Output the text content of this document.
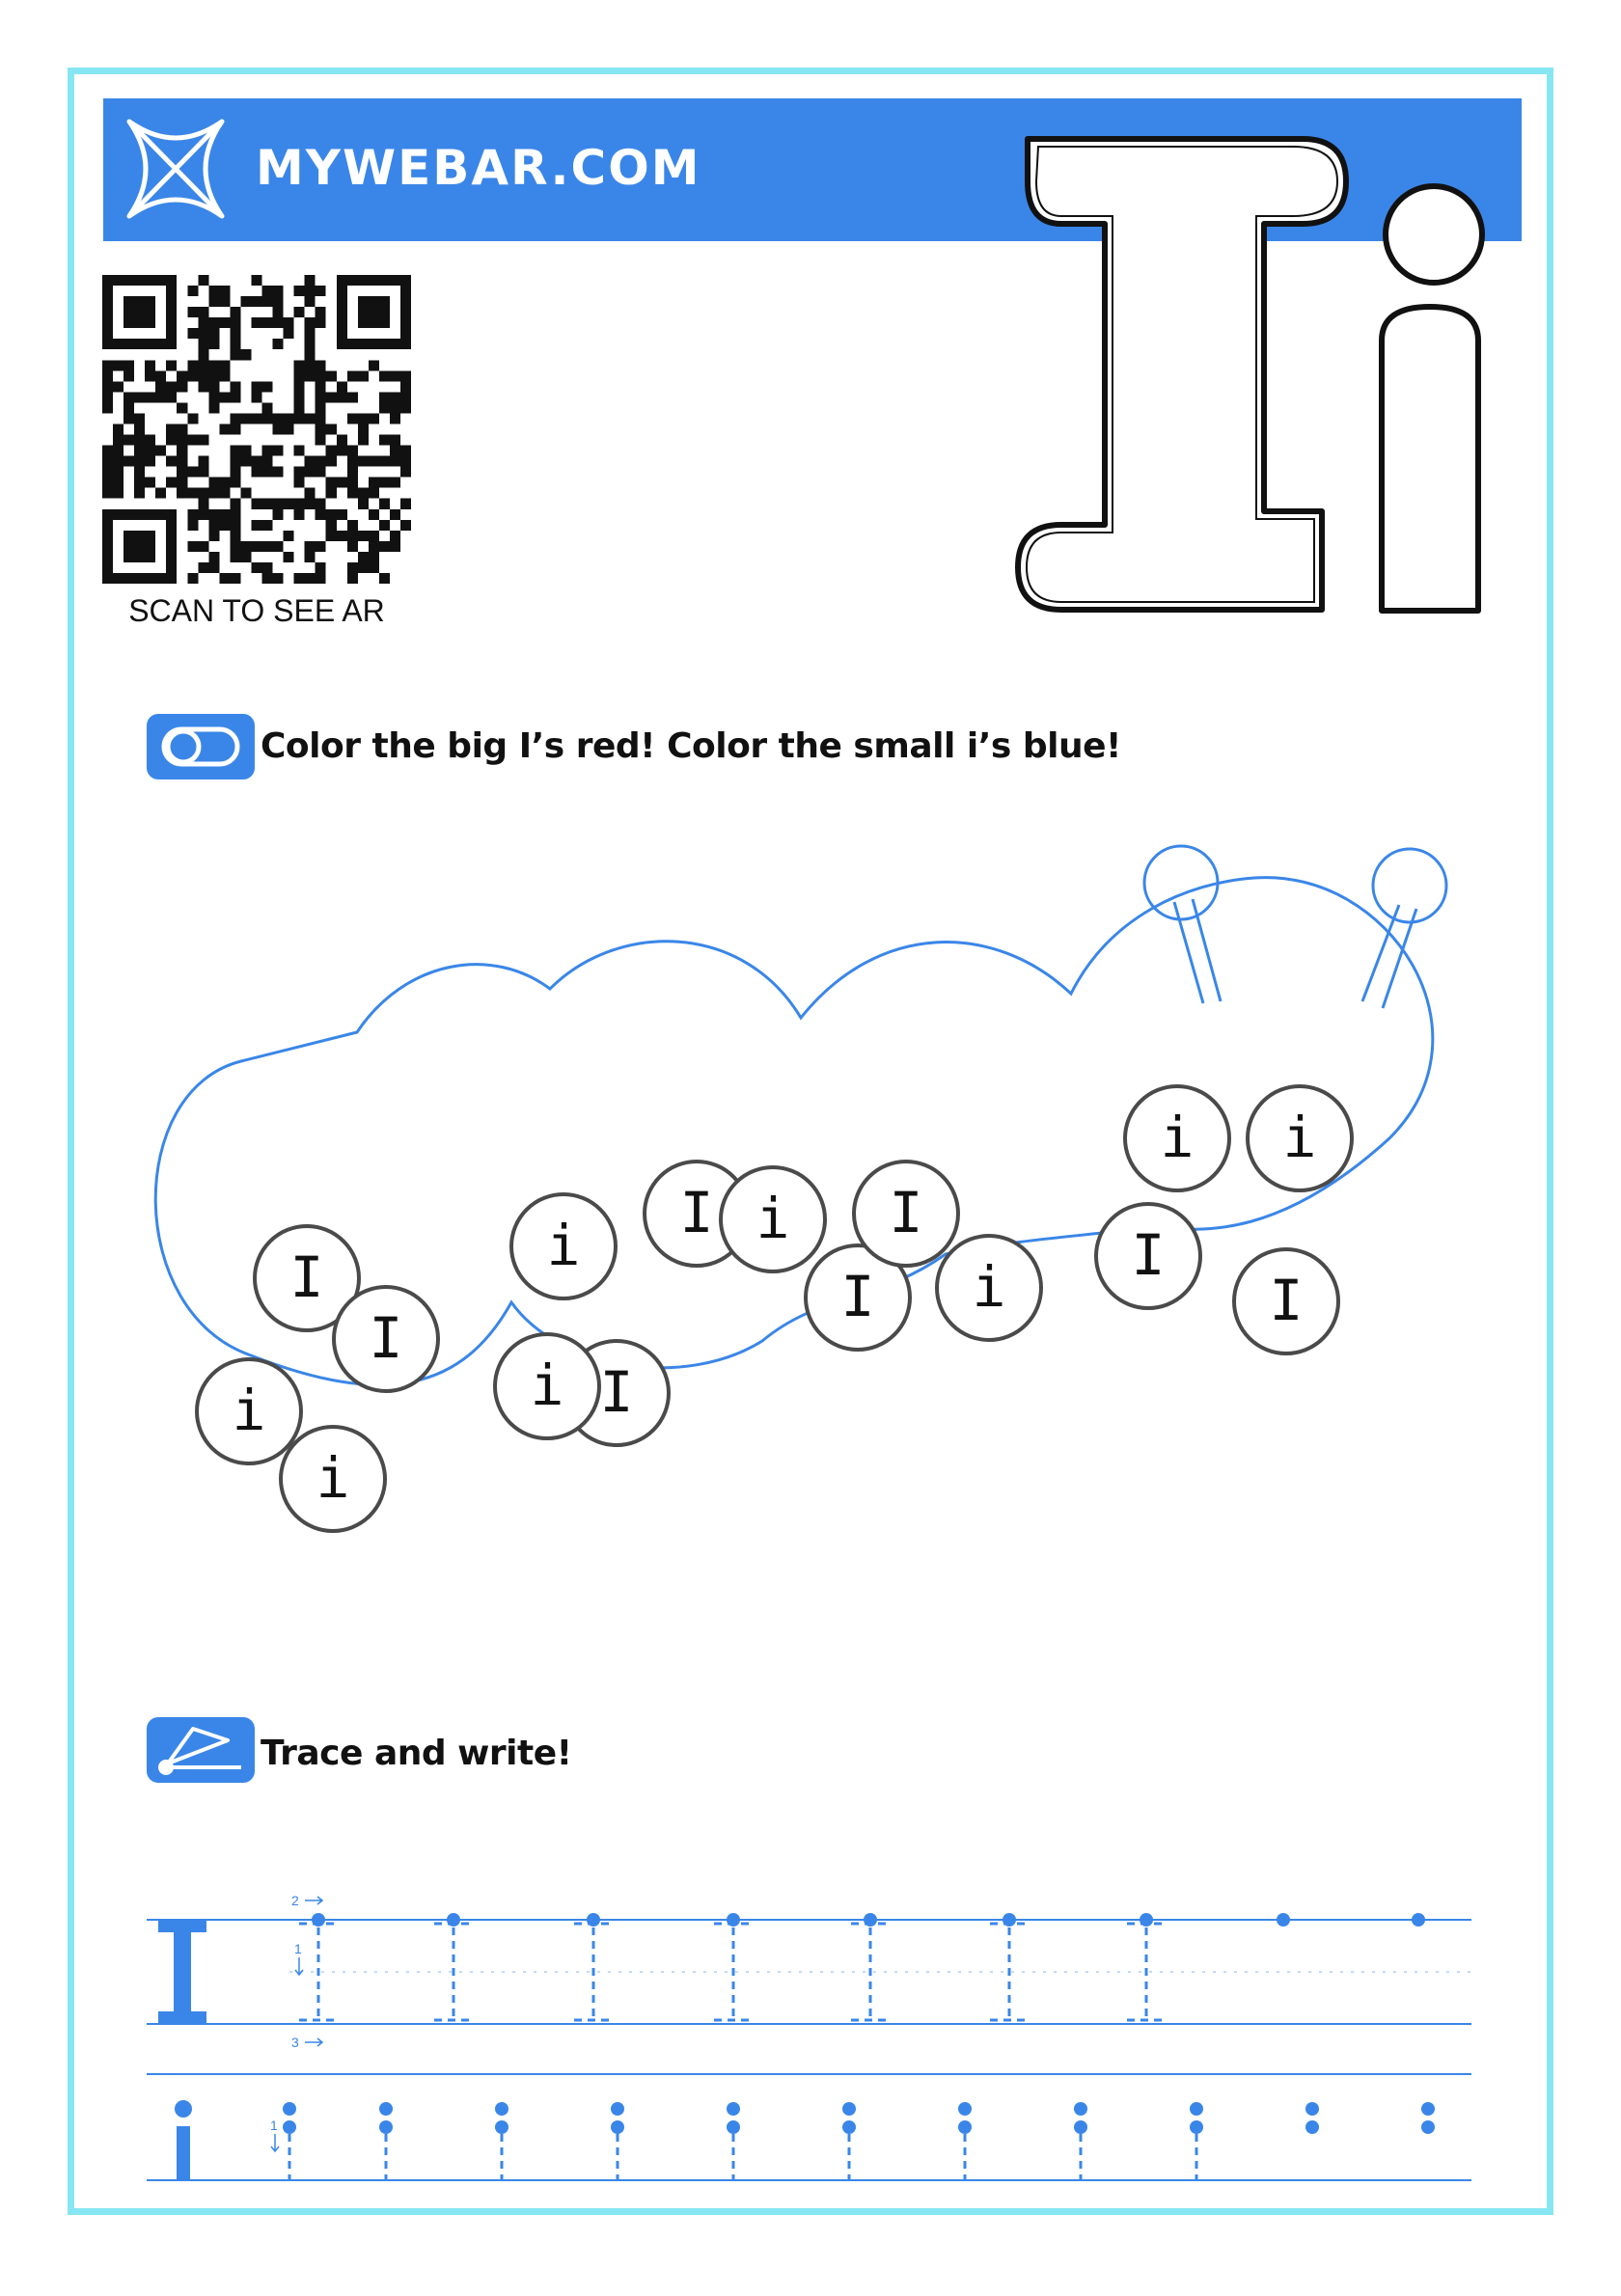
MYWEBAR.COM
SCAN TO SEE AR
Color the big I’s red! Color the small i’s blue!
I
i
I
i
i
I
I
i
i
I
I
i I
i i
I
Trace and write!
2
1
3
1
